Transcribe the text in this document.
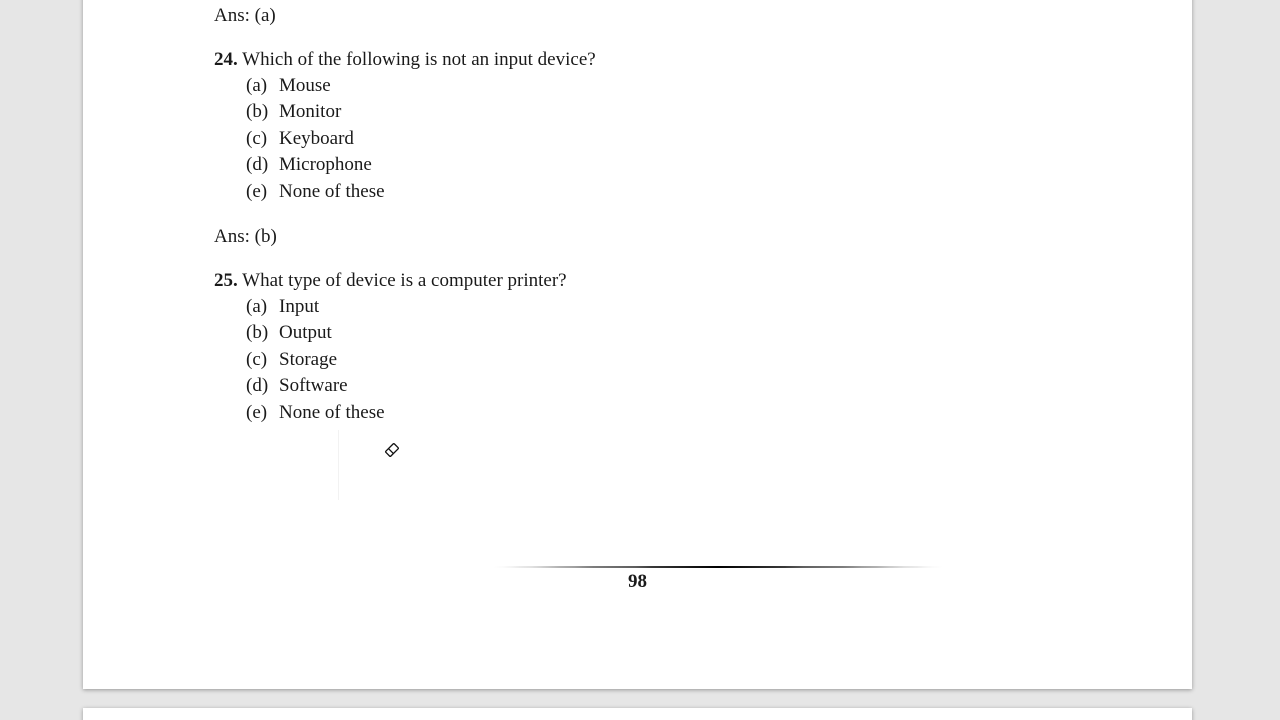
Ans: (a)
24. Which of the following is not an input device?
(a) Mouse
(b) Monitor
(c) Keyboard
(d) Microphone
(e) None of these
Ans: (b)
25. What type of device is a computer printer?
(a) Input
(b) Output
(c) Storage
(d) Software
(e) None of these
98
